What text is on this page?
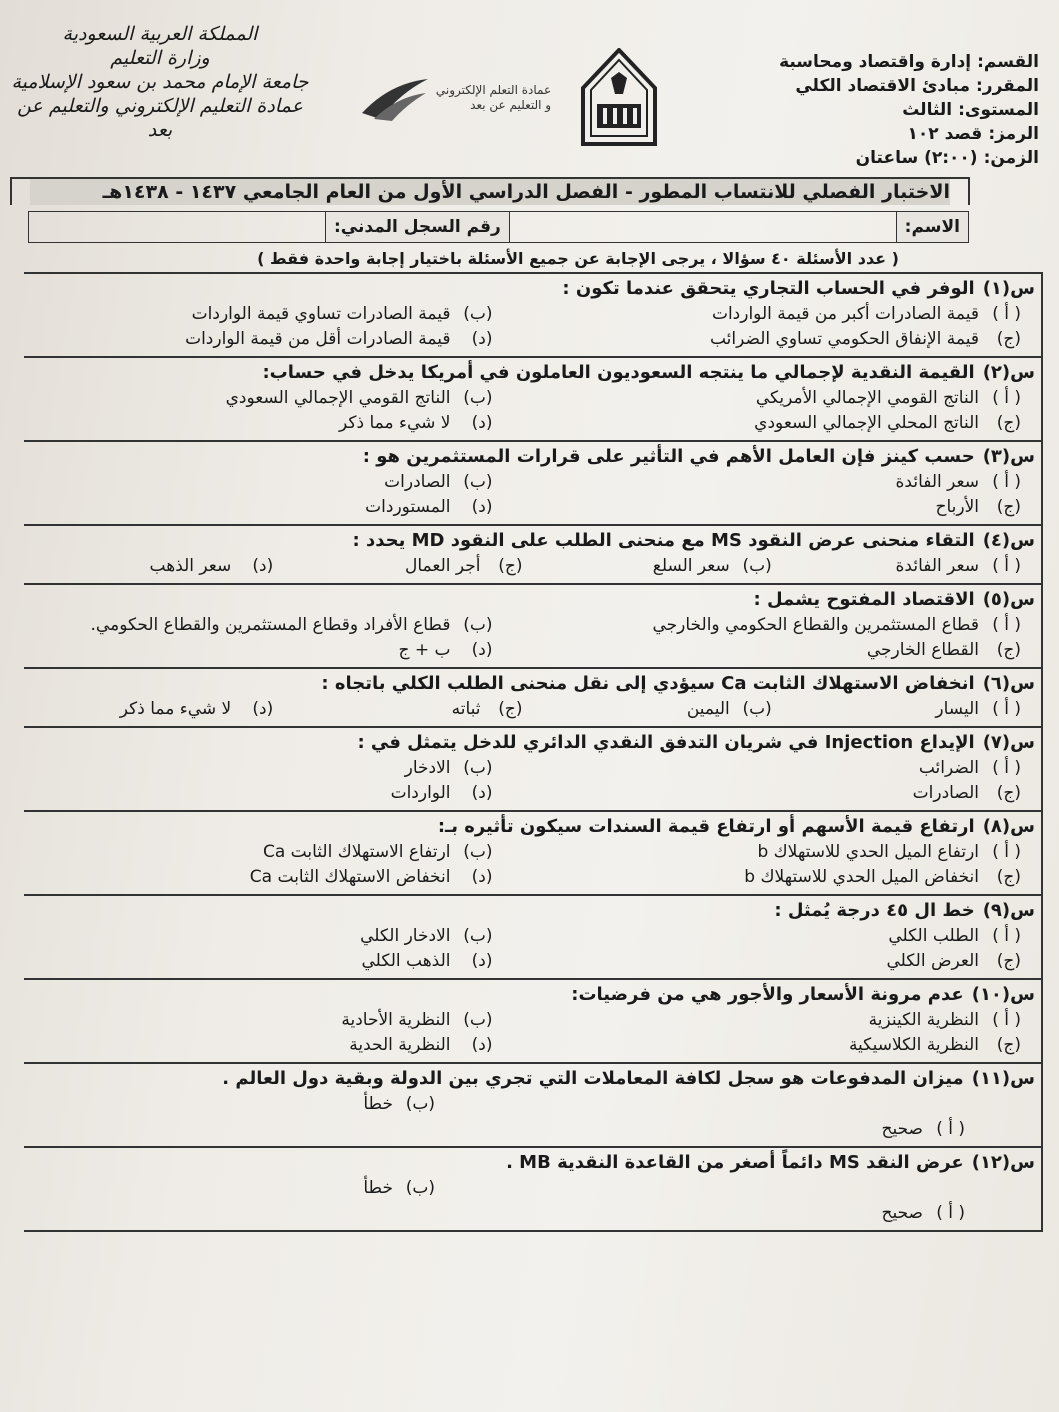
المملكة العربية السعودية
وزارة التعليم
جامعة الإمام محمد بن سعود الإسلامية
عمادة التعليم الإلكتروني والتعليم عن بعد
عمادة التعلم الإلكتروني
و التعليم عن بعد
القسم:إدارة واقتصاد ومحاسبة
المقرر:مبادئ الاقتصاد الكلي
المستوى:الثالث
الرمز:قصد ١٠٢
الزمن:(٢:٠٠) ساعتان
الاختبار الفصلي للانتساب المطور - الفصل الدراسي الأول من العام الجامعي ١٤٣٧ - ١٤٣٨هـ
الاسم:
رقم السجل المدني:
( عدد الأسئلة ٤٠ سؤالا ، يرجى الإجابة عن جميع الأسئلة باختيار إجابة واحدة فقط )
س(١)الوفر في الحساب التجاري يتحقق عندما تكون :
( أ )
قيمة الصادرات أكبر من قيمة الواردات
(ب)
قيمة الصادرات تساوي قيمة الواردات
(ج)
قيمة الإنفاق الحكومي تساوي الضرائب
(د)
قيمة الصادرات أقل من قيمة الواردات
س(٢)القيمة النقدية لإجمالي ما ينتجه السعوديون العاملون في أمريكا يدخل في حساب:
( أ )
الناتج القومي الإجمالي الأمريكي
(ب)
الناتج القومي الإجمالي السعودي
(ج)
الناتج المحلي الإجمالي السعودي
(د)
لا شيء مما ذكر
س(٣)حسب كينز فإن العامل الأهم في التأثير على قرارات المستثمرين هو :
( أ )
سعر الفائدة
(ب)
الصادرات
(ج)
الأرباح
(د)
المستوردات
س(٤)التقاء منحنى عرض النقود MS مع منحنى الطلب على النقود MD يحدد :
( أ )
سعر الفائدة
(ب)
سعر السلع
(ج)
أجر العمال
(د)
سعر الذهب
س(٥)الاقتصاد المفتوح يشمل :
( أ )
قطاع المستثمرين والقطاع الحكومي والخارجي
(ب)
قطاع الأفراد وقطاع المستثمرين والقطاع الحكومي.
(ج)
القطاع الخارجي
(د)
ب + ج
س(٦)انخفاض الاستهلاك الثابت Ca سيؤدي إلى نقل منحنى الطلب الكلي باتجاه :
( أ )
اليسار
(ب)
اليمين
(ج)
ثباته
(د)
لا شيء مما ذكر
س(٧)الإيداع Injection في شريان التدفق النقدي الدائري للدخل يتمثل في :
( أ )
الضرائب
(ب)
الادخار
(ج)
الصادرات
(د)
الواردات
س(٨)ارتفاع قيمة الأسهم أو ارتفاع قيمة السندات سيكون تأثيره بـ:
( أ )
ارتفاع الميل الحدي للاستهلاك b
(ب)
ارتفاع الاستهلاك الثابت Ca
(ج)
انخفاض الميل الحدي للاستهلاك b
(د)
انخفاض الاستهلاك الثابت Ca
س(٩)خط ال ٤٥ درجة يُمثل :
( أ )
الطلب الكلي
(ب)
الادخار الكلي
(ج)
العرض الكلي
(د)
الذهب الكلي
س(١٠)عدم مرونة الأسعار والأجور هي من فرضيات:
( أ )
النظرية الكينزية
(ب)
النظرية الأحادية
(ج)
النظرية الكلاسيكية
(د)
النظرية الحدية
س(١١)ميزان المدفوعات هو سجل لكافة المعاملات التي تجري بين الدولة وبقية دول العالم .
(ب)
خطأ
( أ )
صحيح
س(١٢)عرض النقد MS دائماً أصغر من القاعدة النقدية MB .
(ب)
خطأ
( أ )
صحيح
